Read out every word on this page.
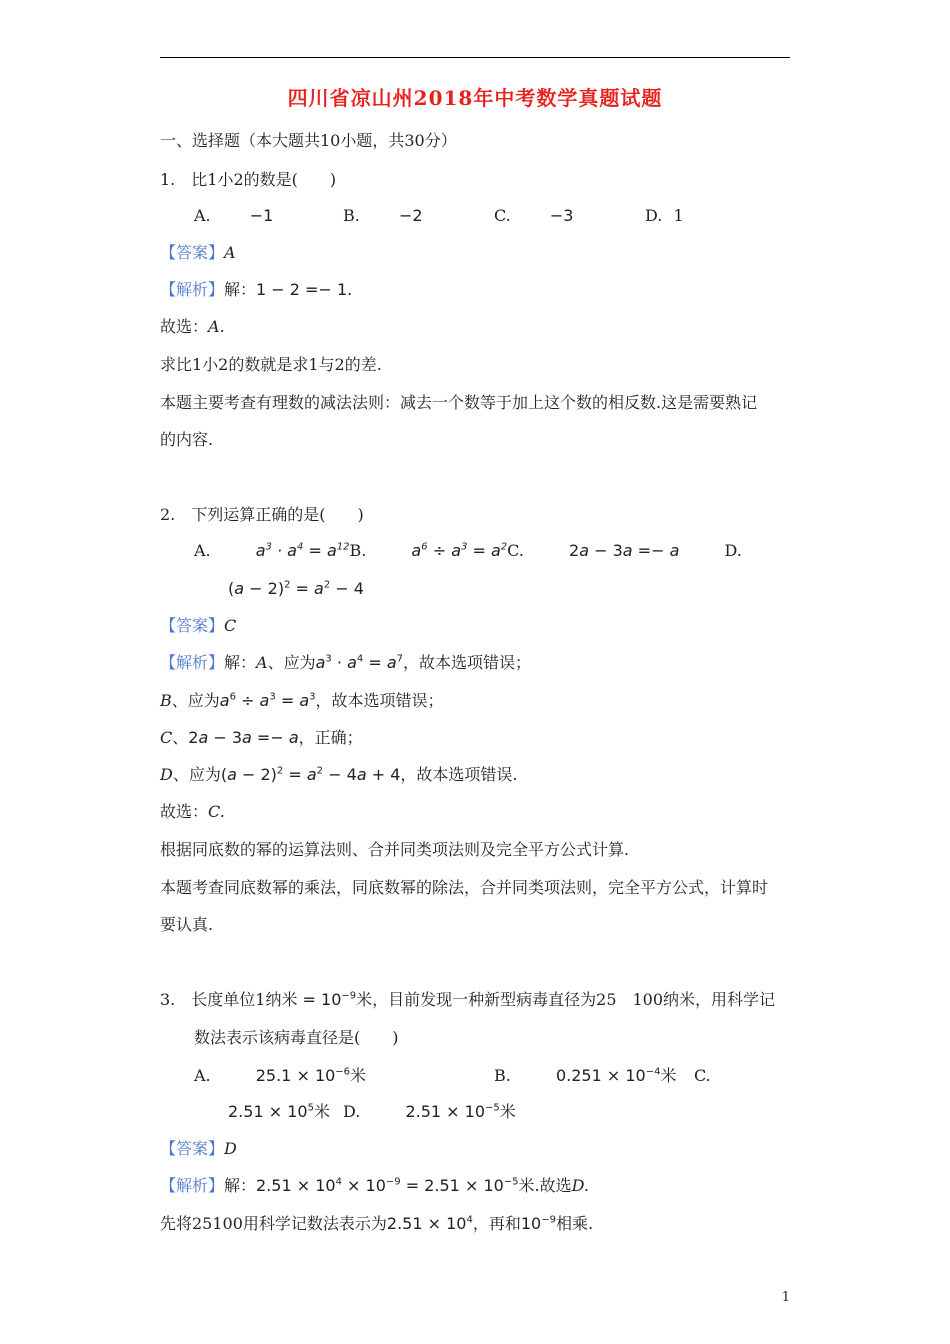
四川省凉山州2018年中考数学真题试题
一、选择题（本大题共10小题，共30分）
1.　比1小2的数是(　　)
A. −1	B. −2	C. −3	D. 1
【答案】A
【解析】解：1 − 2 =− 1.
故选：A.
求比1小2的数就是求1与2的差.
本题主要考查有理数的减法法则：减去一个数等于加上这个数的相反数.这是需要熟记
的内容.
2.　下列运算正确的是(　　)
A.	$a^3 \cdot a^4 = a^{12}B$.	$a^6 \div a^3 = a^2C$.	2a − 3a =− a	D.
$(a - 2)^2 = a^2 - 4$
【答案】C
【解析】解：A、应为$a^3 \cdot a^4 = a^7$，故本选项错误；
B、应为$a^6 \div a^3 = a^3$，故本选项错误；
C、2a − 3a =− a，正确；
D、应为$(a - 2)^2 = a^2 - 4a + 4$，故本选项错误.
故选：C.
根据同底数的幂的运算法则、合并同类项法则及完全平方公式计算.
本题考查同底数幂的乘法，同底数幂的除法，合并同类项法则，完全平方公式，计算时
要认真.
3.　长度单位1纳米 = $10^{-9}$米，目前发现一种新型病毒直径为25　100纳米，用科学记
数法表示该病毒直径是(　　)
A.	$25.1 \times 10^{-6}$米	B.	$0.251 \times 10^{-4}$米 C.
$2.51 \times 10^5$米 D.	$2.51 \times 10^{-5}$米
【答案】D
【解析】解：$2.51 \times 10^4 \times 10^{-9} = 2.51 \times 10^{-5}$米.故选D.
先将25100用科学记数法表示为$2.51 \times 10^4$，再和$10^{-9}$相乘.
1
